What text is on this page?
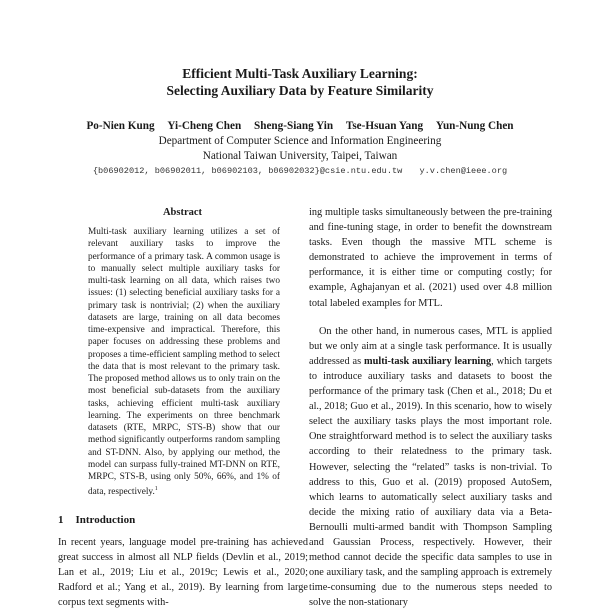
Efficient Multi-Task Auxiliary Learning:
Selecting Auxiliary Data by Feature Similarity
Po-Nien Kung Yi-Cheng Chen Sheng-Siang Yin Tse-Hsuan Yang Yun-Nung Chen
Department of Computer Science and Information Engineering
National Taiwan University, Taipei, Taiwan
{b06902012, b06902011, b06902103, b06902032}@csie.ntu.edu.tw y.v.chen@ieee.org
Abstract

Multi-task auxiliary learning utilizes a set of relevant auxiliary tasks to improve the performance of a primary task. A common usage is to manually select multiple auxiliary tasks for multi-task learning on all data, which raises two issues: (1) selecting beneficial auxiliary tasks for a primary task is nontrivial; (2) when the auxiliary datasets are large, training on all data becomes time-expensive and impractical. Therefore, this paper focuses on addressing these problems and proposes a time-efficient sampling method to select the data that is most relevant to the primary task. The proposed method allows us to only train on the most beneficial sub-datasets from the auxiliary tasks, achieving efficient multi-task auxiliary learning. The experiments on three benchmark datasets (RTE, MRPC, STS-B) show that our method significantly outperforms random sampling and ST-DNN. Also, by applying our method, the model can surpass fully-trained MT-DNN on RTE, MRPC, STS-B, using only 50%, 66%, and 1% of data, respectively.$^1$

1 Introduction

In recent years, language model pre-training has achieved great success in almost all NLP fields (Devlin et al., 2019; Lan et al., 2019; Liu et al., 2019c; Lewis et al., 2020; Radford et al.; Yang et al., 2019). By learning from large corpus text segments with-

ing multiple tasks simultaneously between the pre-training and fine-tuning stage, in order to benefit the downstream tasks. Even though the massive MTL scheme is demonstrated to achieve the improvement in terms of performance, it is either time or computing costly; for example, Aghajanyan et al. (2021) used over 4.8 million total labeled examples for MTL.

On the other hand, in numerous cases, MTL is applied but we only aim at a single task performance. It is usually addressed as multi-task auxiliary learning, which targets to introduce auxiliary tasks and datasets to boost the performance of the primary task (Chen et al., 2018; Du et al., 2018; Guo et al., 2019). In this scenario, how to wisely select the auxiliary tasks plays the most important role. One straightforward method is to select the auxiliary tasks according to their relatedness to the primary task. However, selecting the “related” tasks is non-trivial. To address to this, Guo et al. (2019) proposed AutoSem, which learns to automatically select auxiliary tasks and decide the mixing ratio of auxiliary data via a Beta-Bernoulli multi-armed bandit with Thompson Sampling and Gaussian Process, respectively. However, their method cannot decide the specific data samples to use in one auxiliary task, and the sampling approach is extremely time-consuming due to the numerous steps needed to solve the non-stationary
